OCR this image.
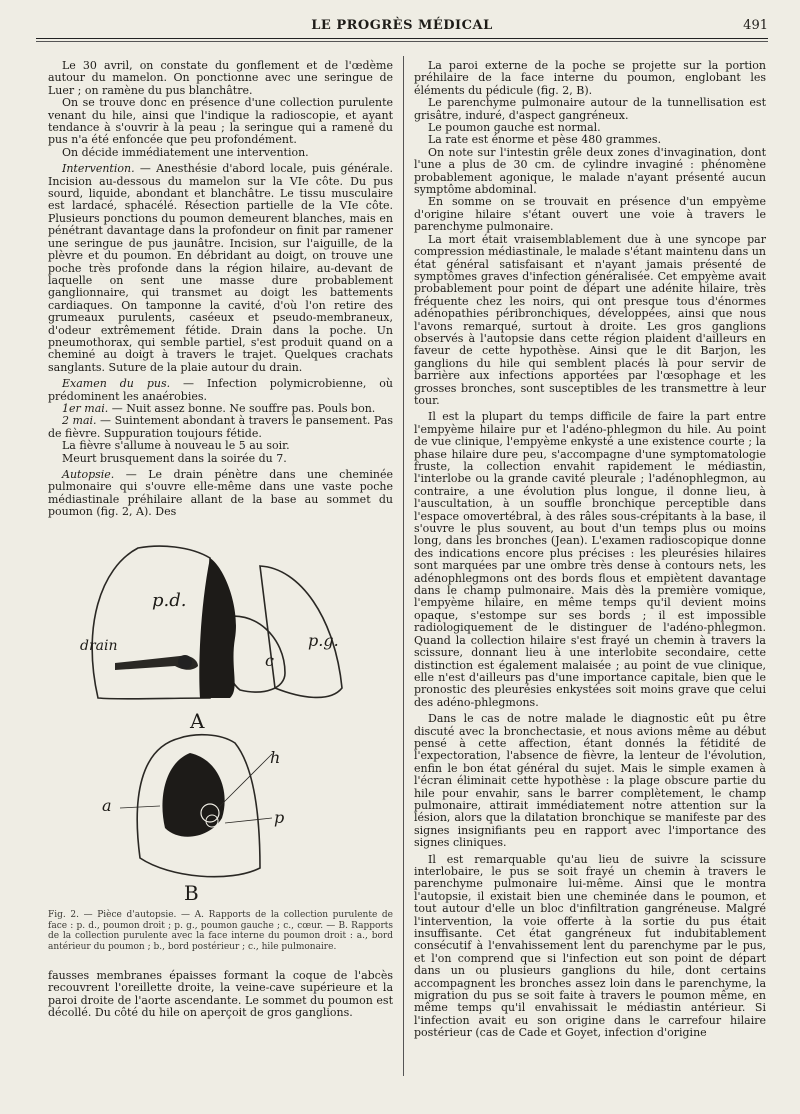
LE PROGRÈS MÉDICAL	491

Le 30 avril, on constate du gonflement et de l'œdème autour du mamelon. On ponctionne avec une seringue de Luer ; on ramène du pus blanchâtre.

On se trouve donc en présence d'une collection purulente venant du hile, ainsi que l'indique la radioscopie, et ayant tendance à s'ouvrir à la peau ; la seringue qui a ramené du pus n'a été enfoncée que peu profondément.

On décide immédiatement une intervention.

Intervention. — Anesthésie d'abord locale, puis générale. Incision au-dessous du mamelon sur la VIe côte. Du pus sourd, liquide, abondant et blanchâtre. Le tissu musculaire est lardacé, sphacélé. Résection partielle de la VIe côte. Plusieurs ponctions du poumon demeurent blanches, mais en pénétrant davantage dans la profondeur on finit par ramener une seringue de pus jaunâtre. Incision, sur l'aiguille, de la plèvre et du poumon. En débridant au doigt, on trouve une poche très profonde dans la région hilaire, au-devant de laquelle on sent une masse dure probablement ganglionnaire, qui transmet au doigt les battements cardiaques. On tamponne la cavité, d'où l'on retire des grumeaux purulents, caséeux et pseudo-membraneux, d'odeur extrêmement fétide. Drain dans la poche. Un pneumothorax, qui semble partiel, s'est produit quand on a cheminé au doigt à travers le trajet. Quelques crachats sanglants. Suture de la plaie autour du drain.

Examen du pus. — Infection polymicrobienne, où prédominent les anaérobies.

1er mai. — Nuit assez bonne. Ne souffre pas. Pouls bon.

2 mai. — Suintement abondant à travers le pansement. Pas de fièvre. Suppuration toujours fétide.

La fièvre s'allume à nouveau le 5 au soir.

Meurt brusquement dans la soirée du 7.

Autopsie. — Le drain pénètre dans une cheminée pulmonaire qui s'ouvre elle-même dans une vaste poche médiastinale préhilaire allant de la base au sommet du poumon (fig. 2, A). Des

p.d.
p.g.
c
drain
A
a
h
p
B
Fig. 2. — Pièce d'autopsie. — A. Rapports de la collection purulente de face : p. d., poumon droit ; p. g., poumon gauche ; c., cœur. — B. Rapports de la collection purulente avec la face interne du poumon droit : a., bord antérieur du poumon ; b., bord postérieur ; c., hile pulmonaire.

fausses membranes épaisses formant la coque de l'abcès recouvrent l'oreillette droite, la veine-cave supérieure et la paroi droite de l'aorte ascendante. Le sommet du poumon est décollé. Du côté du hile on aperçoit de gros ganglions.

La paroi externe de la poche se projette sur la portion préhilaire de la face interne du poumon, englobant les éléments du pédicule (fig. 2, B).

Le parenchyme pulmonaire autour de la tunnellisation est grisâtre, induré, d'aspect gangréneux.

Le poumon gauche est normal.

La rate est énorme et pèse 480 grammes.

On note sur l'intestin grêle deux zones d'invagination, dont l'une a plus de 30 cm. de cylindre invaginé : phénomène probablement agonique, le malade n'ayant présenté aucun symptôme abdominal.

En somme on se trouvait en présence d'un empyème d'origine hilaire s'étant ouvert une voie à travers le parenchyme pulmonaire.

La mort était vraisemblablement due à une syncope par compression médiastinale, le malade s'étant maintenu dans un état général satisfaisant et n'ayant jamais présenté de symptômes graves d'infection généralisée. Cet empyème avait probablement pour point de départ une adénite hilaire, très fréquente chez les noirs, qui ont presque tous d'énormes adénopathies péribronchiques, développées, ainsi que nous l'avons remarqué, surtout à droite. Les gros ganglions observés à l'autopsie dans cette région plaident d'ailleurs en faveur de cette hypothèse. Ainsi que le dit Barjon, les ganglions du hile qui semblent placés là pour servir de barrière aux infections apportées par l'œsophage et les grosses bronches, sont susceptibles de les transmettre à leur tour.

Il est la plupart du temps difficile de faire la part entre l'empyème hilaire pur et l'adéno-phlegmon du hile. Au point de vue clinique, l'empyème enkysté a une existence courte ; la phase hilaire dure peu, s'accompagne d'une symptomatologie fruste, la collection envahit rapidement le médiastin, l'interlobe ou la grande cavité pleurale ; l'adénophlegmon, au contraire, a une évolution plus longue, il donne lieu, à l'auscultation, à un souffle bronchique perceptible dans l'espace omovertébral, à des râles sous-crépitants à la base, il s'ouvre le plus souvent, au bout d'un temps plus ou moins long, dans les bronches (Jean). L'examen radioscopique donne des indications encore plus précises : les pleurésies hilaires sont marquées par une ombre très dense à contours nets, les adénophlegmons ont des bords flous et empiètent davantage dans le champ pulmonaire. Mais dès la première vomique, l'empyème hilaire, en même temps qu'il devient moins opaque, s'estompe sur ses bords ; il est impossible radiologiquement de le distinguer de l'adéno-phlegmon. Quand la collection hilaire s'est frayé un chemin à travers la scissure, donnant lieu à une interlobite secondaire, cette distinction est également malaisée ; au point de vue clinique, elle n'est d'ailleurs pas d'une importance capitale, bien que le pronostic des pleurésies enkystées soit moins grave que celui des adéno-phlegmons.

Dans le cas de notre malade le diagnostic eût pu être discuté avec la bronchectasie, et nous avions même au début pensé à cette affection, étant donnés la fétidité de l'expectoration, l'absence de fièvre, la lenteur de l'évolution, enfin le bon état général du sujet. Mais le simple examen à l'écran éliminait cette hypothèse : la plage obscure partie du hile pour envahir, sans le barrer complètement, le champ pulmonaire, attirait immédiatement notre attention sur la lésion, alors que la dilatation bronchique se manifeste par des signes insignifiants peu en rapport avec l'importance des signes cliniques.

Il est remarquable qu'au lieu de suivre la scissure interlobaire, le pus se soit frayé un chemin à travers le parenchyme pulmonaire lui-même. Ainsi que le montra l'autopsie, il existait bien une cheminée dans le poumon, et tout autour d'elle un bloc d'infiltration gangréneuse. Malgré l'intervention, la voie offerte à la sortie du pus était insuffisante. Cet état gangréneux fut indubitablement consécutif à l'envahissement lent du parenchyme par le pus, et l'on comprend que si l'infection eut son point de départ dans un ou plusieurs ganglions du hile, dont certains accompagnent les bronches assez loin dans le parenchyme, la migration du pus se soit faite à travers le poumon même, en même temps qu'il envahissait le médiastin antérieur. Si l'infection avait eu son origine dans le carrefour hilaire postérieur (cas de Cade et Goyet, infection d'origine
